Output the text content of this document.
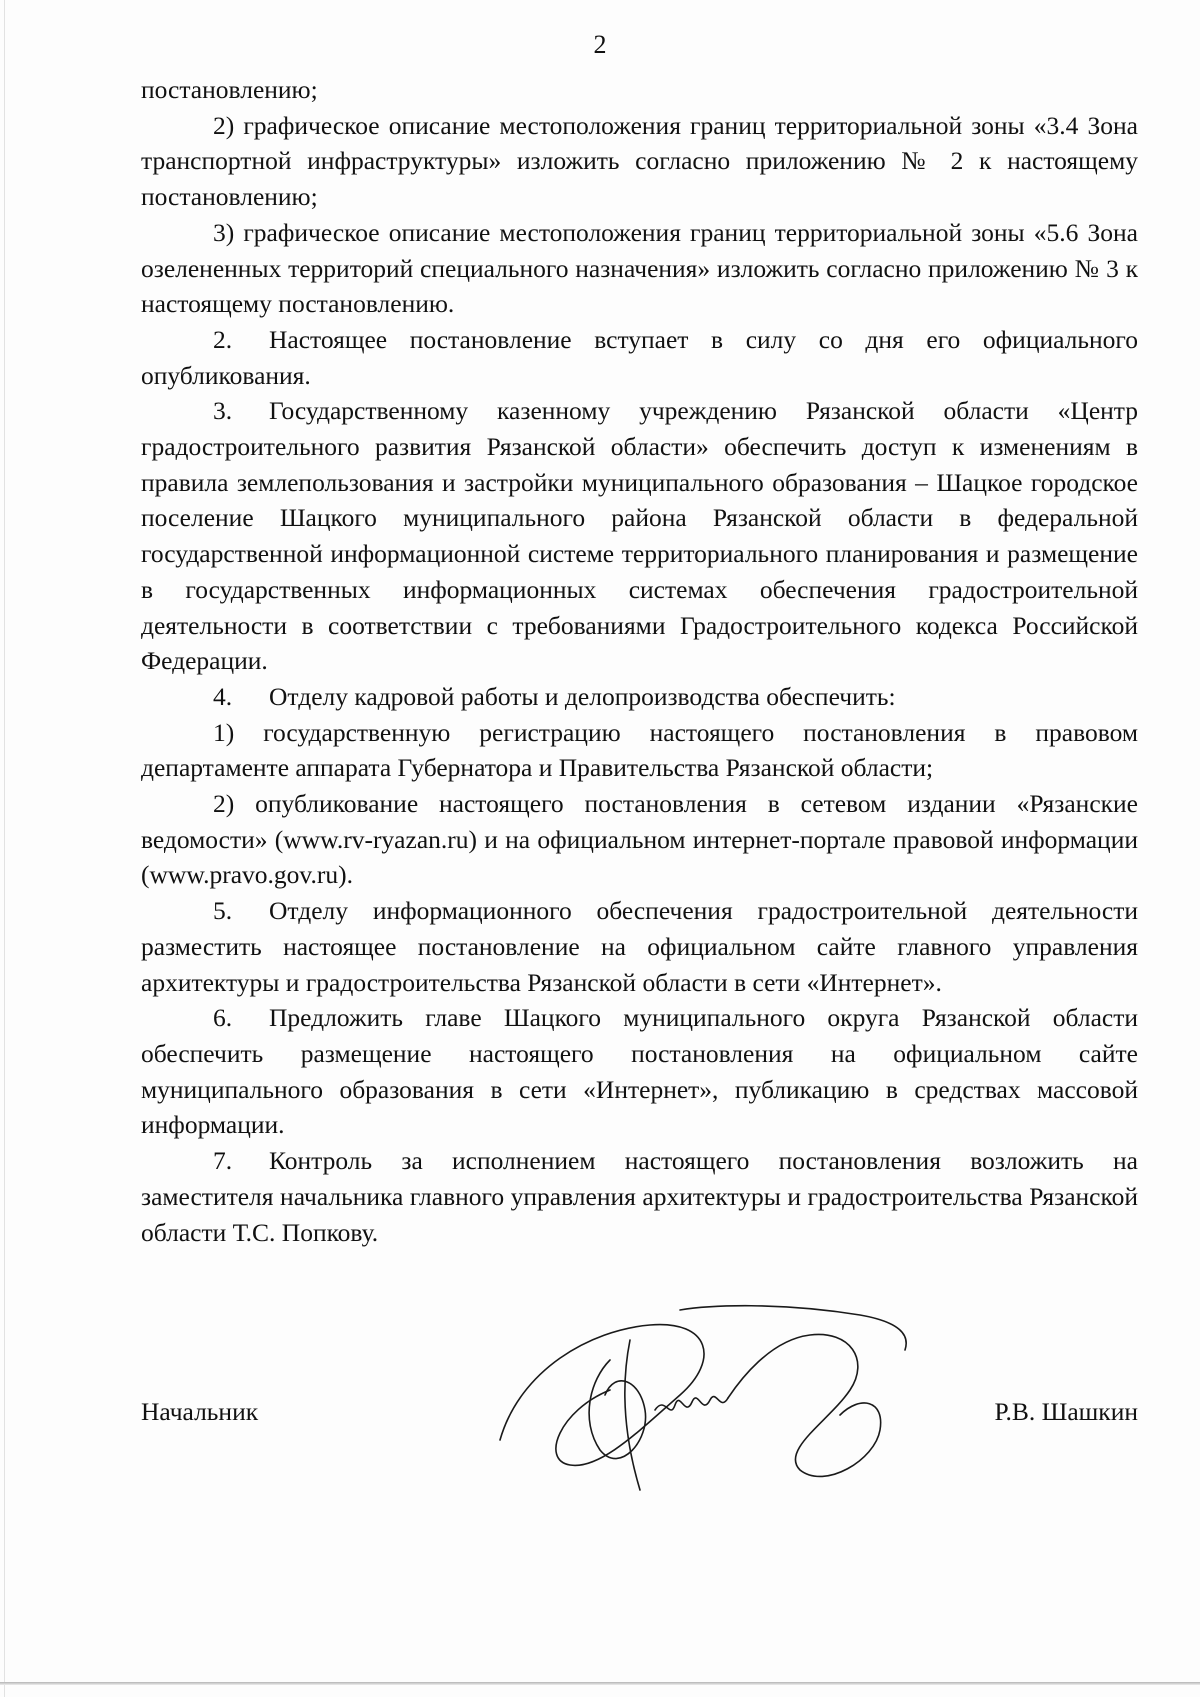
2

постановлению;

2) графическое описание местоположения границ территориальной зоны «3.4 Зона транспортной инфраструктуры» изложить согласно приложению № 2 к настоящему постановлению;

3) графическое описание местоположения границ территориальной зоны «5.6 Зона озелененных территорий специального назначения» изложить согласно приложению № 3 к настоящему постановлению.

2. Настоящее постановление вступает в силу со дня его официального опубликования.

3. Государственному казенному учреждению Рязанской области «Центр градостроительного развития Рязанской области» обеспечить доступ к изменениям в правила землепользования и застройки муниципального образования – Шацкое городское поселение Шацкого муниципального района Рязанской области в федеральной государственной информационной системе территориального планирования и размещение в государственных информационных системах обеспечения градостроительной деятельности в соответствии с требованиями Градостроительного кодекса Российской Федерации.

4. Отделу кадровой работы и делопроизводства обеспечить:

1) государственную регистрацию настоящего постановления в правовом департаменте аппарата Губернатора и Правительства Рязанской области;

2) опубликование настоящего постановления в сетевом издании «Рязанские ведомости» (www.rv-ryazan.ru) и на официальном интернет-портале правовой информации (www.pravo.gov.ru).

5. Отделу информационного обеспечения градостроительной деятельности разместить настоящее постановление на официальном сайте главного управления архитектуры и градостроительства Рязанской области в сети «Интернет».

6. Предложить главе Шацкого муниципального округа Рязанской области обеспечить размещение настоящего постановления на официальном сайте муниципального образования в сети «Интернет», публикацию в средствах массовой информации.

7. Контроль за исполнением настоящего постановления возложить на заместителя начальника главного управления архитектуры и градостроительства Рязанской области Т.С. Попкову.

Начальник	Р.В. Шашкин
